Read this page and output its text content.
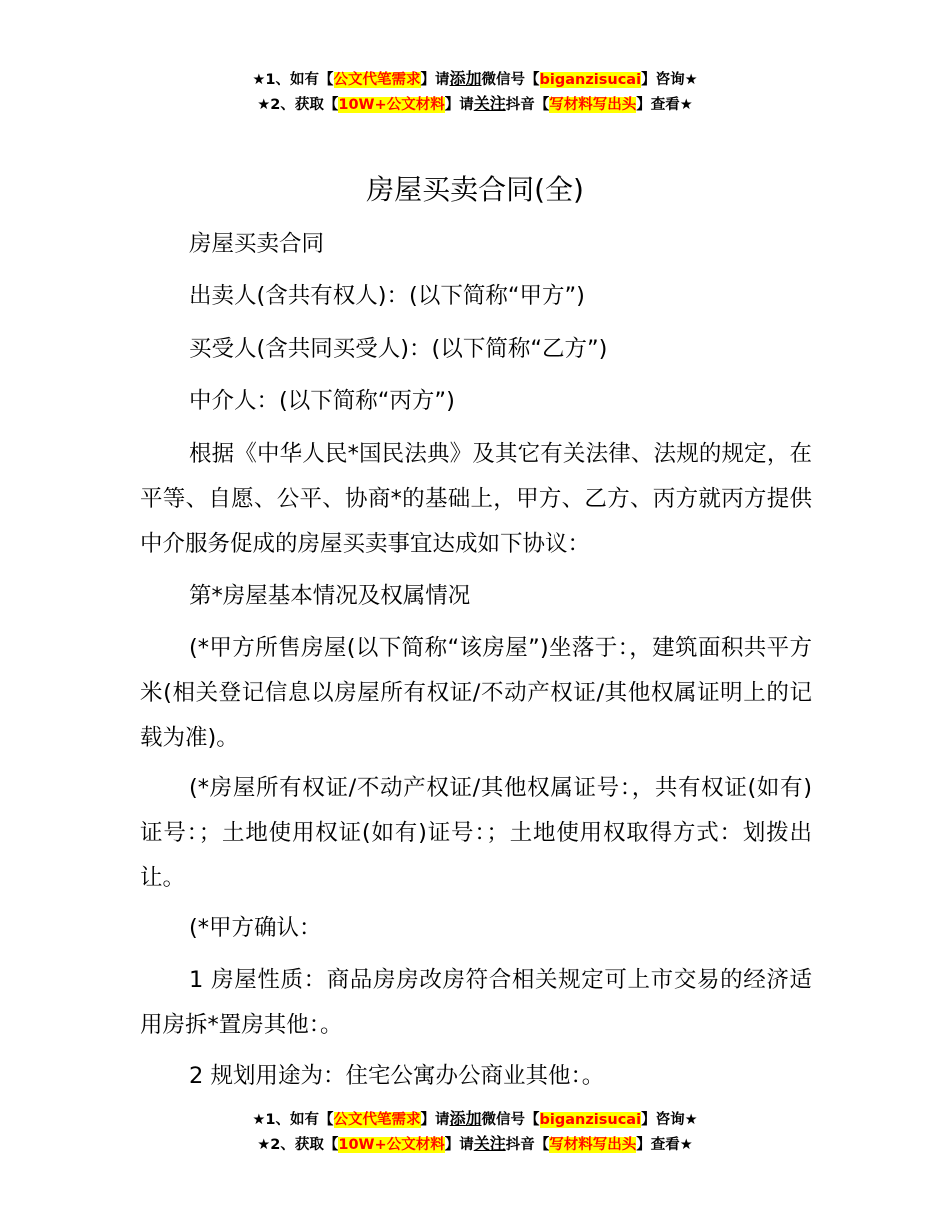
★1、如有【公文代笔需求】请添加微信号【biganzisucai】咨询★
★2、获取【10W+公文材料】请关注抖音【写材料写出头】查看★
房屋买卖合同(全)
房屋买卖合同
出卖人(含共有权人)：(以下简称“甲方”)
买受人(含共同买受人)：(以下简称“乙方”)
中介人：(以下简称“丙方”)
根据《中华人民*国民法典》及其它有关法律、法规的规定，在平等、自愿、公平、协商*的基础上，甲方、乙方、丙方就丙方提供中介服务促成的房屋买卖事宜达成如下协议：
第*房屋基本情况及权属情况
(*甲方所售房屋(以下简称“该房屋”)坐落于：，建筑面积共平方米(相关登记信息以房屋所有权证/不动产权证/其他权属证明上的记载为准)。
(*房屋所有权证/不动产权证/其他权属证号：，共有权证(如有)证号：；土地使用权证(如有)证号：；土地使用权取得方式：划拨出让。
(*甲方确认：
1 房屋性质：商品房房改房符合相关规定可上市交易的经济适用房拆*置房其他：。
2 规划用途为：住宅公寓办公商业其他：。
★1、如有【公文代笔需求】请添加微信号【biganzisucai】咨询★
★2、获取【10W+公文材料】请关注抖音【写材料写出头】查看★
